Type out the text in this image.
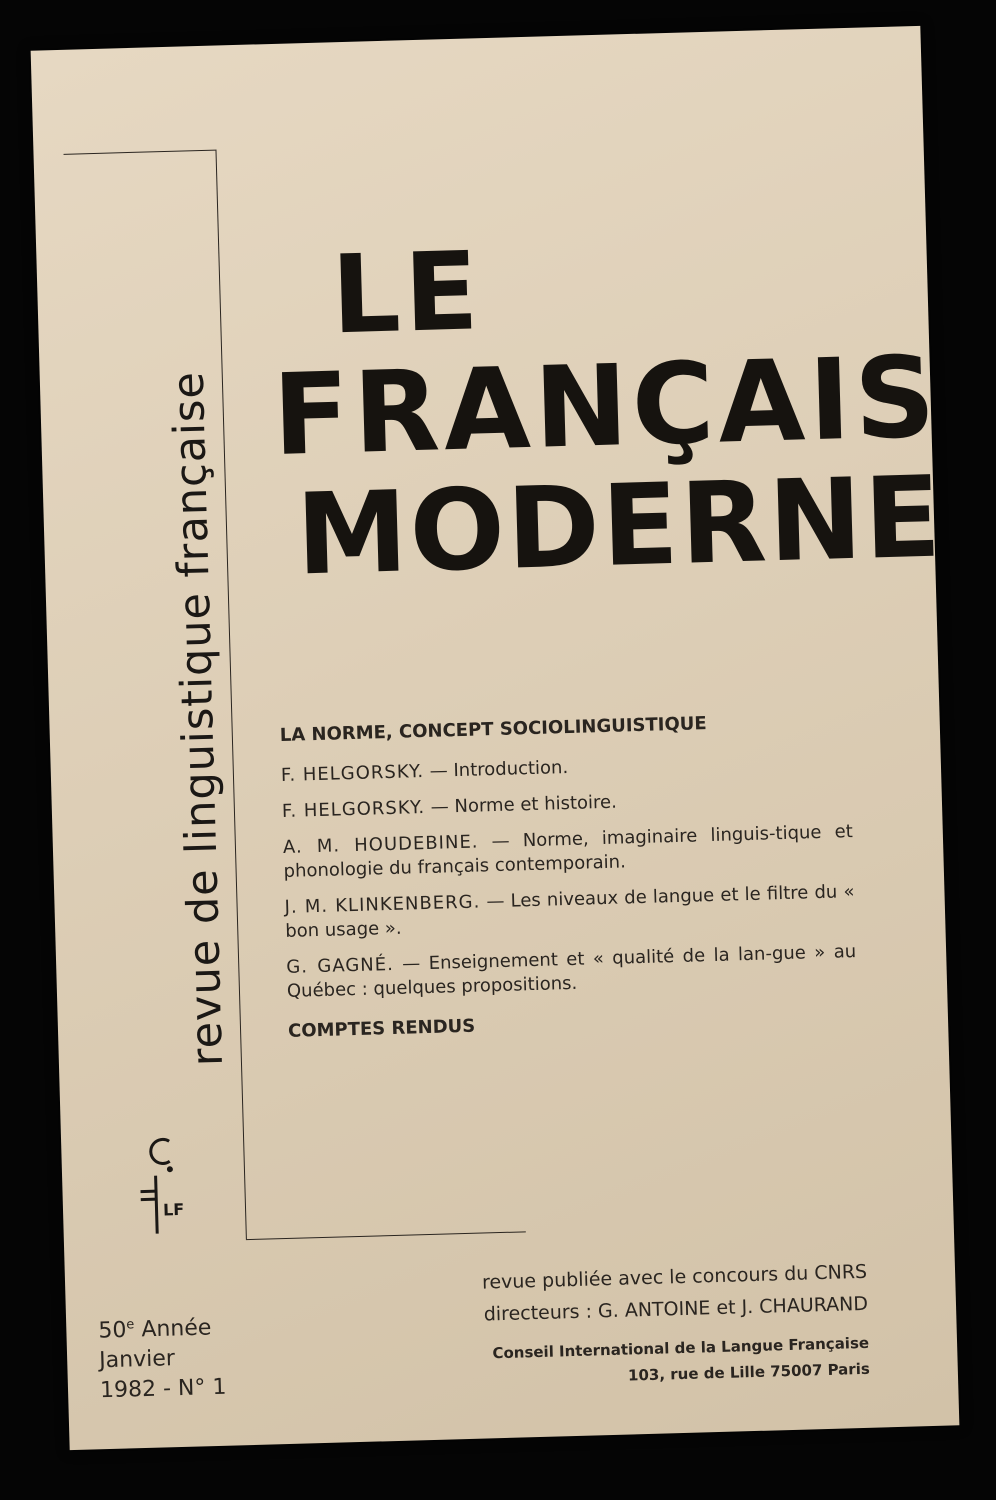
revue de linguistique française
LF
LE
FRANÇAIS
MODERNE
LA NORME, CONCEPT SOCIOLINGUISTIQUE
F. HELGORSKY. — Introduction.
F. HELGORSKY. — Norme et histoire.
A. M. HOUDEBINE. — Norme, imaginaire linguis-tique et phonologie du français contemporain.
J. M. KLINKENBERG. — Les niveaux de langue et le filtre du « bon usage ».
G. GAGNÉ. — Enseignement et « qualité de la lan-gue » au Québec : quelques propositions.
COMPTES RENDUS
50e Année
Janvier
1982 - N° 1
revue publiée avec le concours du CNRS
directeurs : G. ANTOINE et J. CHAURAND
Conseil International de la Langue Française
103, rue de Lille 75007 Paris
